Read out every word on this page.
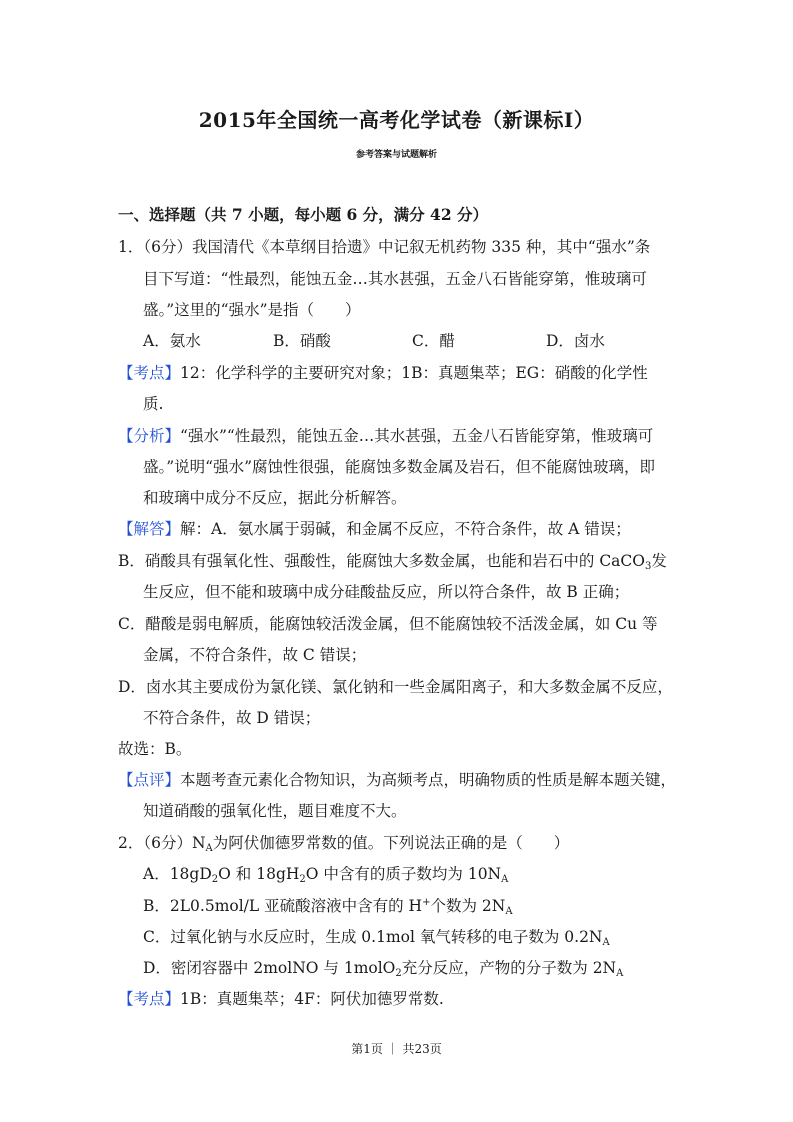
2015年全国统一高考化学试卷（新课标I）
参考答案与试题解析
一、选择题（共 7 小题，每小题 6 分，满分 42 分）
1．（6分）我国清代《本草纲目拾遗》中记叙无机药物 335 种，其中“强水”条
目下写道：“性最烈，能蚀五金…其水甚强，五金八石皆能穿第，惟玻璃可
盛。”这里的“强水”是指（　　）
A．氨水	B．硝酸	C．醋	D．卤水
【考点】12：化学科学的主要研究对象；1B：真题集萃；EG：硝酸的化学性
质.
【分析】“强水”“性最烈，能蚀五金…其水甚强，五金八石皆能穿第，惟玻璃可
盛。”说明“强水”腐蚀性很强，能腐蚀多数金属及岩石，但不能腐蚀玻璃，即
和玻璃中成分不反应，据此分析解答。
【解答】解：A．氨水属于弱碱，和金属不反应，不符合条件，故 A 错误；
B．硝酸具有强氧化性、强酸性，能腐蚀大多数金属，也能和岩石中的 CaCO$_3$发
生反应，但不能和玻璃中成分硅酸盐反应，所以符合条件，故 B 正确；
C．醋酸是弱电解质，能腐蚀较活泼金属，但不能腐蚀较不活泼金属，如 Cu 等
金属，不符合条件，故 C 错误；
D．卤水其主要成份为氯化镁、氯化钠和一些金属阳离子，和大多数金属不反应，
不符合条件，故 D 错误；
故选：B。
【点评】本题考查元素化合物知识，为高频考点，明确物质的性质是解本题关键，
知道硝酸的强氧化性，题目难度不大。
2．（6分）$N_A$为阿伏伽德罗常数的值。下列说法正确的是（　　）
A．$18gD_2O$ 和 $18gH_2O$ 中含有的质子数均为 $10N_A$
B．2L0.5mol/L 亚硫酸溶液中含有的 H+个数为 $2N_A$
C．过氧化钠与水反应时，生成 0.1mol 氧气转移的电子数为 $0.2N_A$
D．密闭容器中 2molNO 与 1molO$_2$充分反应，产物的分子数为 $2N_A$
【考点】1B：真题集萃；4F：阿伏加德罗常数.
第1页 ｜ 共23页
